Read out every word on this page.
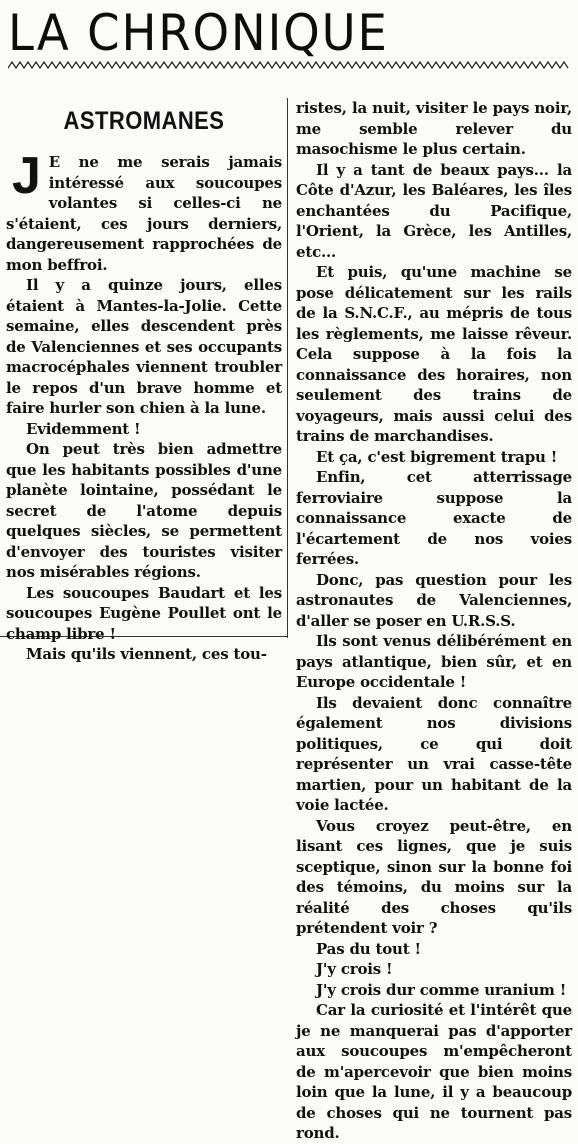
LA CHRONIQUE
ASTROMANES
J E ne me serais jamais intéressé aux soucoupes volantes si celles-ci ne s'étaient, ces jours derniers, dangereusement rapprochées de mon beffroi.

Il y a quinze jours, elles étaient à Mantes-la-Jolie. Cette semaine, elles descendent près de Valenciennes et ses occupants macrocéphales viennent troubler le repos d'un brave homme et faire hurler son chien à la lune.

Evidemment !

On peut très bien admettre que les habitants possibles d'une planète lointaine, possédant le secret de l'atome depuis quelques siècles, se permettent d'envoyer des touristes visiter nos misérables régions.

Les soucoupes Baudart et les soucoupes Eugène Poullet ont le champ libre !

Mais qu'ils viennent, ces tou-

ristes, la nuit, visiter le pays noir, me semble relever du masochisme le plus certain.

Il y a tant de beaux pays... la Côte d'Azur, les Baléares, les îles enchantées du Pacifique, l'Orient, la Grèce, les Antilles, etc...

Et puis, qu'une machine se pose délicatement sur les rails de la S.N.C.F., au mépris de tous les règlements, me laisse rêveur. Cela suppose à la fois la connaissance des horaires, non seulement des trains de voyageurs, mais aussi celui des trains de marchandises.

Et ça, c'est bigrement trapu !

Enfin, cet atterrissage ferroviaire suppose la connaissance exacte de l'écartement de nos voies ferrées.

Donc, pas question pour les astronautes de Valenciennes, d'aller se poser en U.R.S.S.

Ils sont venus délibérément en pays atlantique, bien sûr, et en Europe occidentale !

Ils devaient donc connaître également nos divisions politiques, ce qui doit représenter un vrai casse-tête martien, pour un habitant de la voie lactée.

Vous croyez peut-être, en lisant ces lignes, que je suis sceptique, sinon sur la bonne foi des témoins, du moins sur la réalité des choses qu'ils prétendent voir ?

Pas du tout !

J'y crois !

J'y crois dur comme uranium !

Car la curiosité et l'intérêt que je ne manquerai pas d'apporter aux soucoupes m'empêcheront de m'apercevoir que bien moins loin que la lune, il y a beaucoup de choses qui ne tournent pas rond.
